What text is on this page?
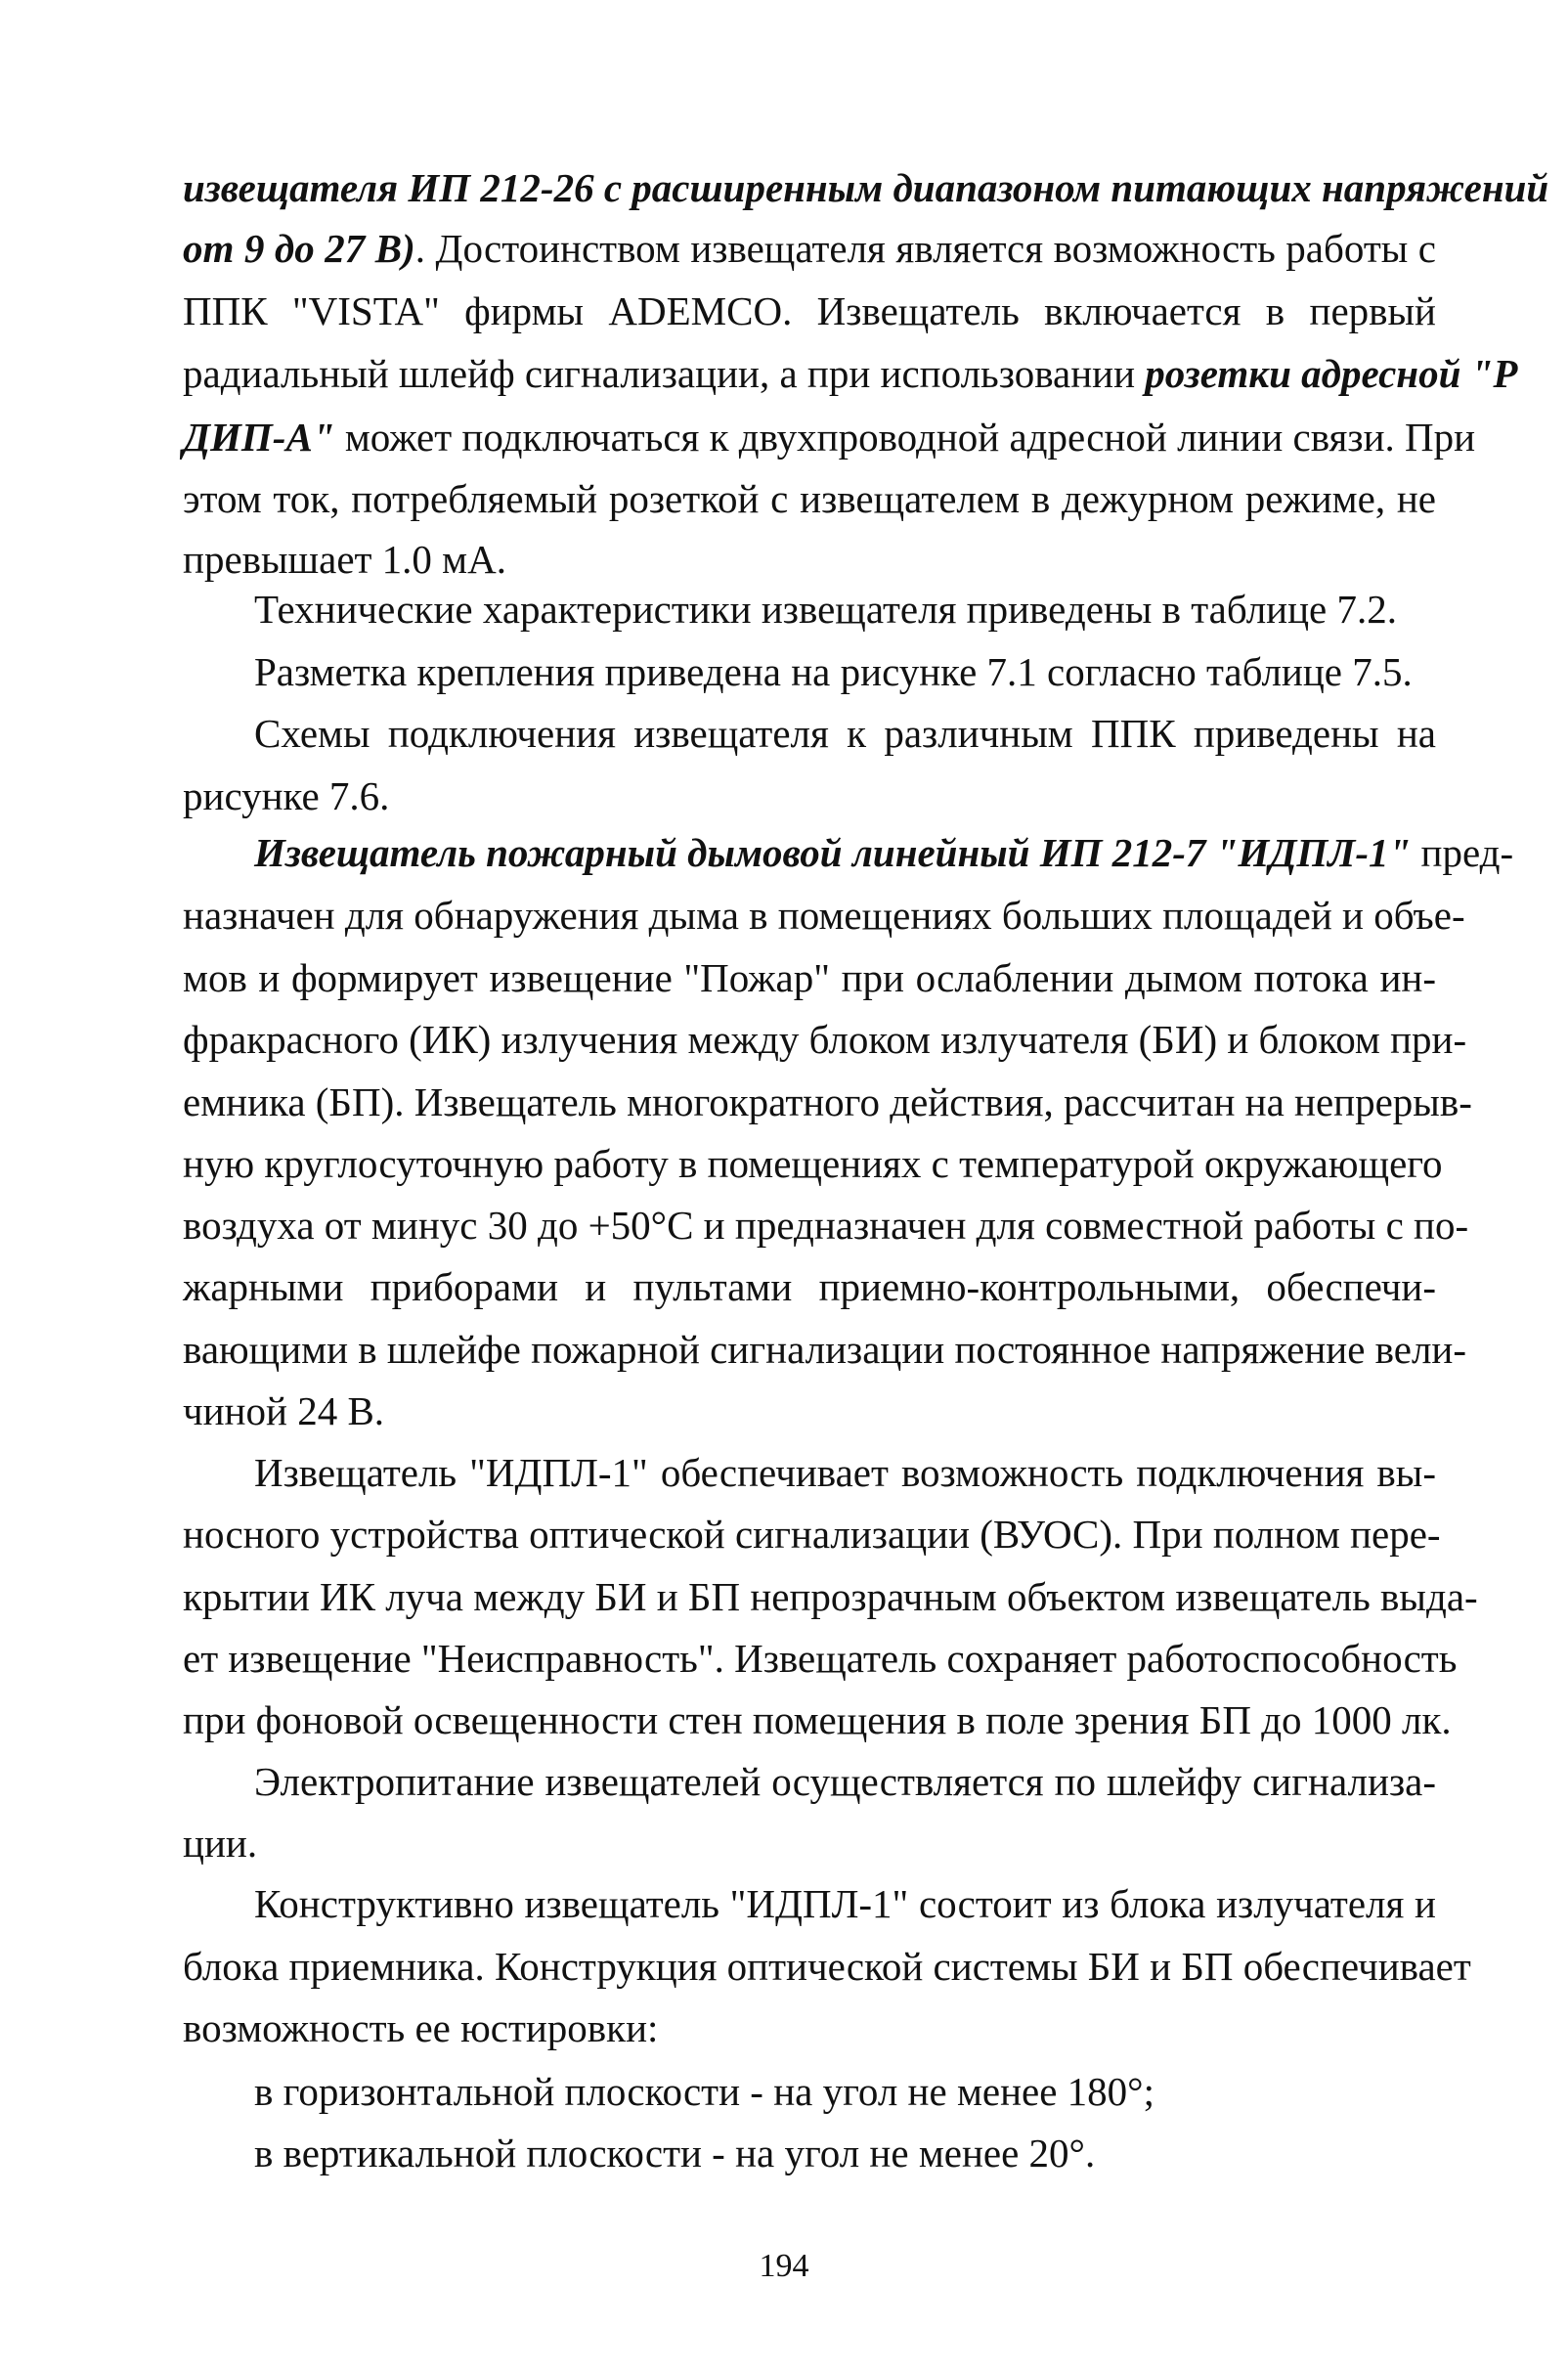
извещателя ИП 212-26 с расширенным диапазоном питающих напряжений
от 9 до 27 В). Достоинством извещателя является возможность работы с
ППК "VISTA" фирмы ADEMCO. Извещатель включается в первый
радиальный шлейф сигнализации, а при использовании розетки адресной "Р
ДИП-А" может подключаться к двухпроводной адресной линии связи. При
этом ток, потребляемый розеткой с извещателем в дежурном режиме, не
превышает 1.0 мА.
Технические характеристики извещателя приведены в таблице 7.2.
Разметка крепления приведена на рисунке 7.1 согласно таблице 7.5.
Схемы подключения извещателя к различным ППК приведены на
рисунке 7.6.
Извещатель пожарный дымовой линейный ИП 212-7 "ИДПЛ-1" пред-
назначен для обнаружения дыма в помещениях больших площадей и объе-
мов и формирует извещение "Пожар" при ослаблении дымом потока ин-
фракрасного (ИК) излучения между блоком излучателя (БИ) и блоком при-
емника (БП). Извещатель многократного действия, рассчитан на непрерыв-
ную круглосуточную работу в помещениях с температурой окружающего
воздуха от минус 30 до +50°С и предназначен для совместной работы с по-
жарными приборами и пультами приемно-контрольными, обеспечи-
вающими в шлейфе пожарной сигнализации постоянное напряжение вели-
чиной 24 В.
Извещатель "ИДПЛ-1" обеспечивает возможность подключения вы-
носного устройства оптической сигнализации (ВУОС). При полном пере-
крытии ИК луча между БИ и БП непрозрачным объектом извещатель выда-
ет извещение "Неисправность". Извещатель сохраняет работоспособность
при фоновой освещенности стен помещения в поле зрения БП до 1000 лк.
Электропитание извещателей осуществляется по шлейфу сигнализа-
ции.
Конструктивно извещатель "ИДПЛ-1" состоит из блока излучателя и
блока приемника. Конструкция оптической системы БИ и БП обеспечивает
возможность ее юстировки:
в горизонтальной плоскости - на угол не менее 180°;
в вертикальной плоскости - на угол не менее 20°.
194
